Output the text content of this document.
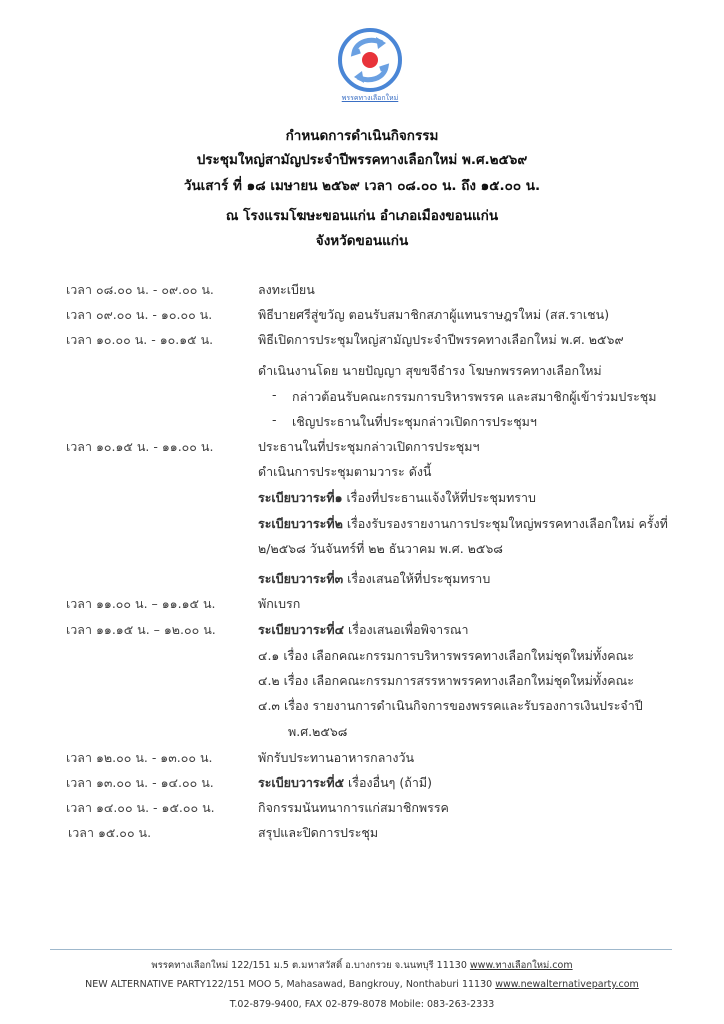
พรรคทางเลือกใหม่
กำหนดการดำเนินกิจกรรม
ประชุมใหญ่สามัญประจำปีพรรคทางเลือกใหม่ พ.ศ.๒๕๖๙
วันเสาร์ ที่ ๑๘ เมษายน ๒๕๖๙ เวลา ๐๘.๐๐ น. ถึง ๑๕.๐๐ น.
ณ โรงแรมโฆษะขอนแก่น อำเภอเมืองขอนแก่น
จังหวัดขอนแก่น
เวลา ๐๘.๐๐ น. - ๐๙.๐๐ น.	ลงทะเบียน
เวลา ๐๙.๐๐ น. - ๑๐.๐๐ น.	พิธีบายศรีสู่ขวัญ ตอนรับสมาชิกสภาผู้แทนราษฎรใหม่ (สส.ราเชน)
เวลา ๑๐.๐๐ น. - ๑๐.๑๕ น.	พิธีเปิดการประชุมใหญ่สามัญประจำปีพรรคทางเลือกใหม่ พ.ศ. ๒๕๖๙
ดำเนินงานโดย นายปัญญา สุขขจีธำรง โฆษกพรรคทางเลือกใหม่
- กล่าวต้อนรับคณะกรรมการบริหารพรรค และสมาชิกผู้เข้าร่วมประชุม
- เชิญประธานในที่ประชุมกล่าวเปิดการประชุมฯ
เวลา ๑๐.๑๕ น. - ๑๑.๐๐ น.	ประธานในที่ประชุมกล่าวเปิดการประชุมฯ
ดำเนินการประชุมตามวาระ ดังนี้
ระเบียบวาระที่๑ เรื่องที่ประธานแจ้งให้ที่ประชุมทราบ
ระเบียบวาระที่๒ เรื่องรับรองรายงานการประชุมใหญ่พรรคทางเลือกใหม่ ครั้งที่
๒/๒๕๖๘ วันจันทร์ที่ ๒๒ ธันวาคม พ.ศ. ๒๕๖๘
ระเบียบวาระที่๓ เรื่องเสนอให้ที่ประชุมทราบ
เวลา ๑๑.๐๐ น. – ๑๑.๑๕ น.	พักเบรก
เวลา ๑๑.๑๕ น. – ๑๒.๐๐ น.	ระเบียบวาระที่๔ เรื่องเสนอเพื่อพิจารณา
๔.๑ เรื่อง เลือกคณะกรรมการบริหารพรรคทางเลือกใหม่ชุดใหม่ทั้งคณะ
๔.๒ เรื่อง เลือกคณะกรรมการสรรหาพรรคทางเลือกใหม่ชุดใหม่ทั้งคณะ
๔.๓ เรื่อง รายงานการดำเนินกิจการของพรรคและรับรองการเงินประจำปี
พ.ศ.๒๕๖๘
เวลา ๑๒.๐๐ น. - ๑๓.๐๐ น.	พักรับประทานอาหารกลางวัน
เวลา ๑๓.๐๐ น. - ๑๔.๐๐ น.	ระเบียบวาระที่๕ เรื่องอื่นๆ (ถ้ามี)
เวลา ๑๔.๐๐ น. - ๑๕.๐๐ น.	กิจกรรมนันทนาการแก่สมาชิกพรรค
เวลา ๑๕.๐๐ น.	สรุปและปิดการประชุม
พรรคทางเลือกใหม่ 122/151 ม.5 ต.มหาสวัสดิ์ อ.บางกรวย จ.นนทบุรี 11130 www.ทางเลือกใหม่.com
NEW ALTERNATIVE PARTY122/151 MOO 5, Mahasawad, Bangkrouy, Nonthaburi 11130 www.newalternativeparty.com
T.02-879-9400, FAX 02-879-8078 Mobile: 083-263-2333
